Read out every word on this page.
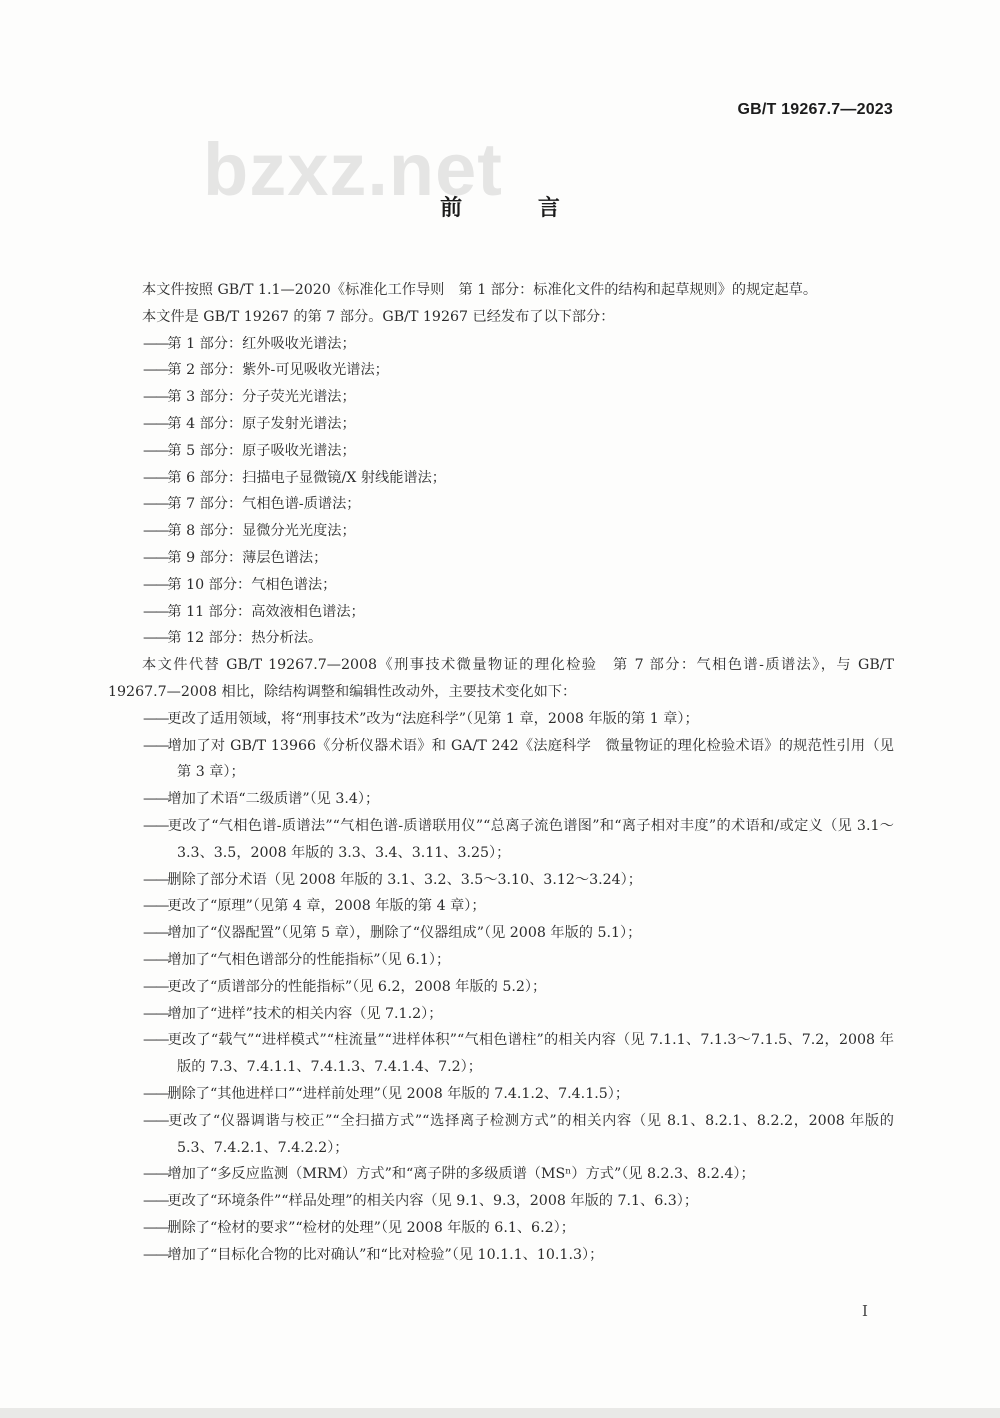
GB/T 19267.7—2023
bzxz.net
前 言

本文件按照 GB/T 1.1—2020《标准化工作导则　第 1 部分：标准化文件的结构和起草规则》的规定起草。

本文件是 GB/T 19267 的第 7 部分。GB/T 19267 已经发布了以下部分：

——第 1 部分：红外吸收光谱法；

——第 2 部分：紫外-可见吸收光谱法；

——第 3 部分：分子荧光光谱法；

——第 4 部分：原子发射光谱法；

——第 5 部分：原子吸收光谱法；

——第 6 部分：扫描电子显微镜/X 射线能谱法；

——第 7 部分：气相色谱-质谱法；

——第 8 部分：显微分光光度法；

——第 9 部分：薄层色谱法；

——第 10 部分：气相色谱法；

——第 11 部分：高效液相色谱法；

——第 12 部分：热分析法。

本文件代替 GB/T 19267.7—2008《刑事技术微量物证的理化检验　第 7 部分：气相色谱-质谱法》，与 GB/T 19267.7—2008 相比，除结构调整和编辑性改动外，主要技术变化如下：

——更改了适用领域，将“刑事技术”改为“法庭科学”（见第 1 章，2008 年版的第 1 章）；

——增加了对 GB/T 13966《分析仪器术语》和 GA/T 242《法庭科学　微量物证的理化检验术语》的规范性引用（见第 3 章）；

——增加了术语“二级质谱”（见 3.4）；

——更改了“气相色谱-质谱法”“气相色谱-质谱联用仪”“总离子流色谱图”和“离子相对丰度”的术语和/或定义（见 3.1～3.3、3.5，2008 年版的 3.3、3.4、3.11、3.25）；

——删除了部分术语（见 2008 年版的 3.1、3.2、3.5～3.10、3.12～3.24）；

——更改了“原理”（见第 4 章，2008 年版的第 4 章）；

——增加了“仪器配置”（见第 5 章），删除了“仪器组成”（见 2008 年版的 5.1）；

——增加了“气相色谱部分的性能指标”（见 6.1）；

——更改了“质谱部分的性能指标”（见 6.2，2008 年版的 5.2）；

——增加了“进样”技术的相关内容（见 7.1.2）；

——更改了“载气”“进样模式”“柱流量”“进样体积”“气相色谱柱”的相关内容（见 7.1.1、7.1.3～7.1.5、7.2，2008 年版的 7.3、7.4.1.1、7.4.1.3、7.4.1.4、7.2）；

——删除了“其他进样口”“进样前处理”（见 2008 年版的 7.4.1.2、7.4.1.5）；

——更改了“仪器调谐与校正”“全扫描方式”“选择离子检测方式”的相关内容（见 8.1、8.2.1、8.2.2，2008 年版的 5.3、7.4.2.1、7.4.2.2）；

——增加了“多反应监测（MRM）方式”和“离子阱的多级质谱（MSⁿ）方式”（见 8.2.3、8.2.4）；

——更改了“环境条件”“样品处理”的相关内容（见 9.1、9.3，2008 年版的 7.1、6.3）；

——删除了“检材的要求”“检材的处理”（见 2008 年版的 6.1、6.2）；

——增加了“目标化合物的比对确认”和“比对检验”（见 10.1.1、10.1.3）；

I
